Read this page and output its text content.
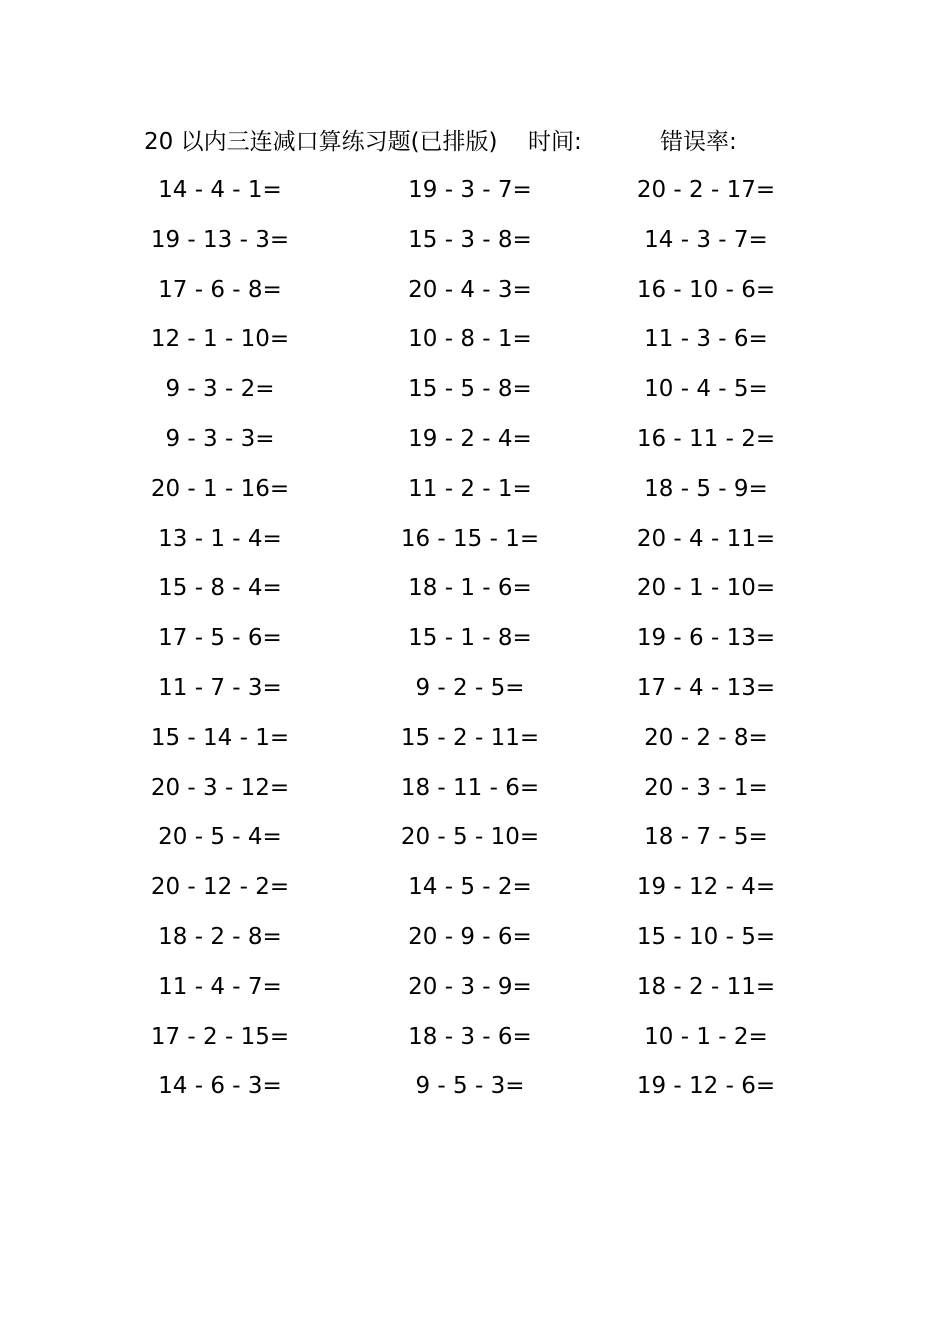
20 以内三连减口算练习题(已排版) 时间:	错误率:
14 - 4 - 1=	19 - 3 - 7=	20 - 2 - 17=
19 - 13 - 3=	15 - 3 - 8=	14 - 3 - 7=
17 - 6 - 8=	20 - 4 - 3=	16 - 10 - 6=
12 - 1 - 10=	10 - 8 - 1=	11 - 3 - 6=
9 - 3 - 2=	15 - 5 - 8=	10 - 4 - 5=
9 - 3 - 3=	19 - 2 - 4=	16 - 11 - 2=
20 - 1 - 16=	11 - 2 - 1=	18 - 5 - 9=
13 - 1 - 4=	16 - 15 - 1=	20 - 4 - 11=
15 - 8 - 4=	18 - 1 - 6=	20 - 1 - 10=
17 - 5 - 6=	15 - 1 - 8=	19 - 6 - 13=
11 - 7 - 3=	9 - 2 - 5=	17 - 4 - 13=
15 - 14 - 1=	15 - 2 - 11=	20 - 2 - 8=
20 - 3 - 12=	18 - 11 - 6=	20 - 3 - 1=
20 - 5 - 4=	20 - 5 - 10=	18 - 7 - 5=
20 - 12 - 2=	14 - 5 - 2=	19 - 12 - 4=
18 - 2 - 8=	20 - 9 - 6=	15 - 10 - 5=
11 - 4 - 7=	20 - 3 - 9=	18 - 2 - 11=
17 - 2 - 15=	18 - 3 - 6=	10 - 1 - 2=
14 - 6 - 3=	9 - 5 - 3=	19 - 12 - 6=
